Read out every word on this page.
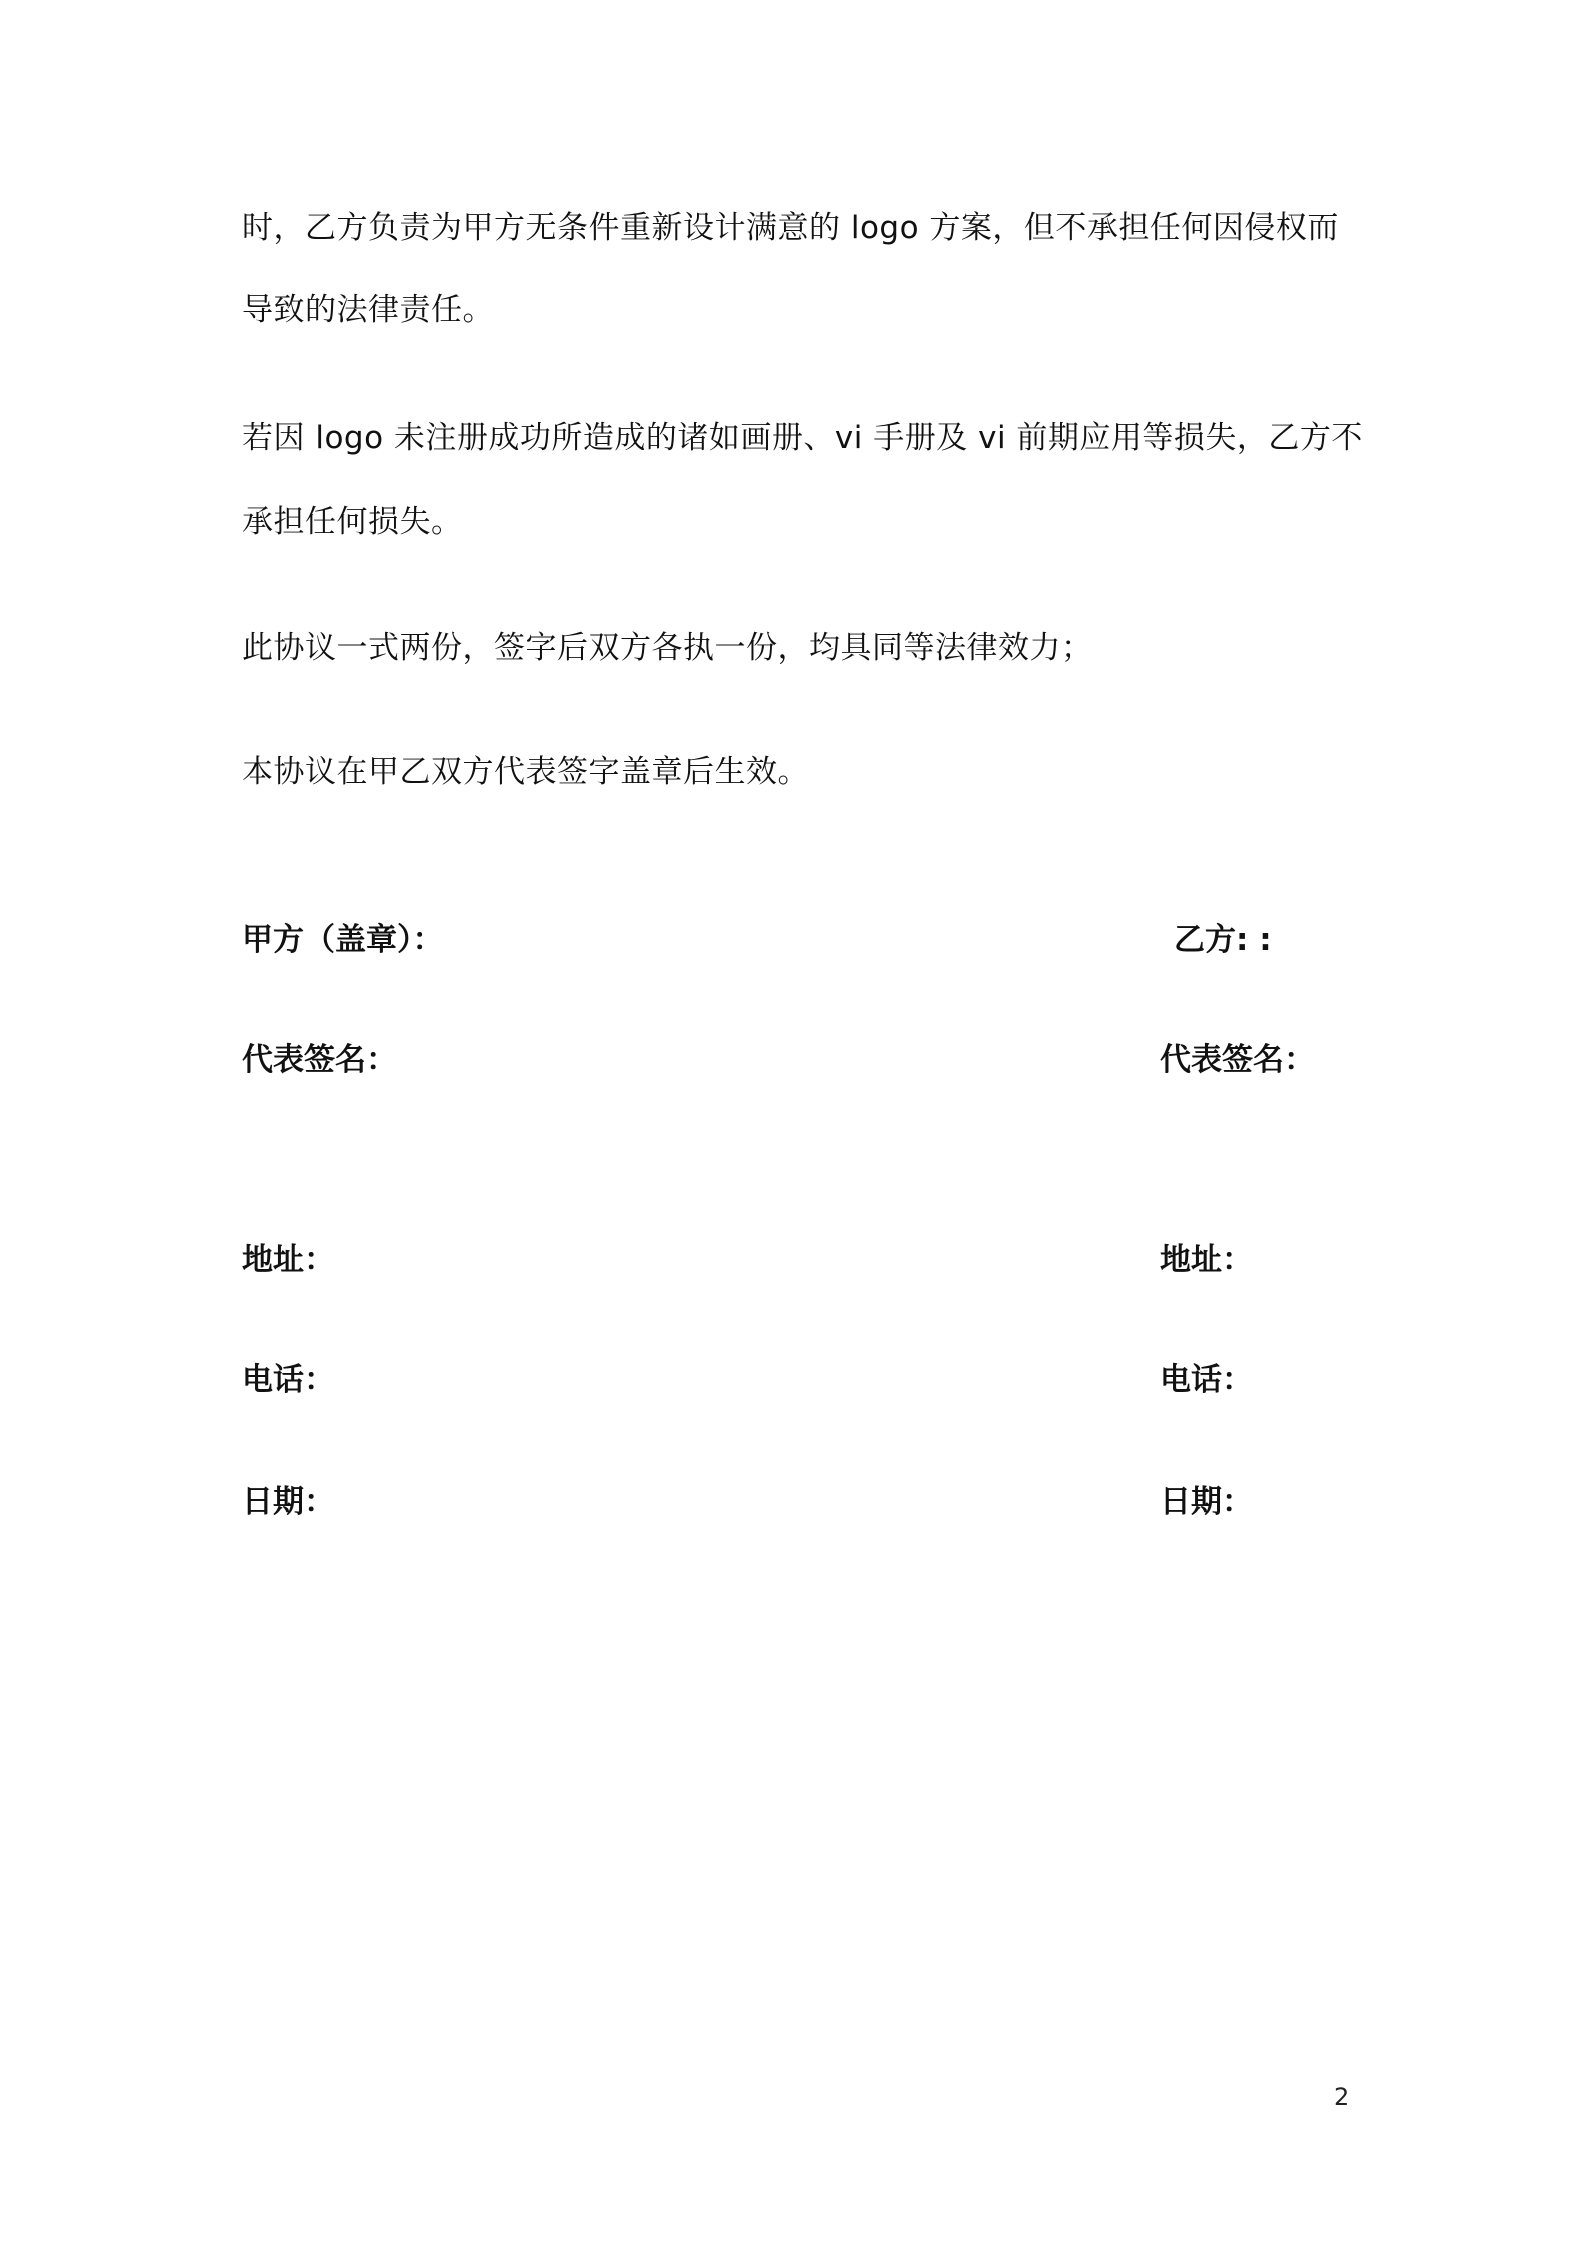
时，乙方负责为甲方无条件重新设计满意的 logo 方案，但不承担任何因侵权而
导致的法律责任。
若因 logo 未注册成功所造成的诸如画册、vi 手册及 vi 前期应用等损失，乙方不
承担任何损失。
此协议一式两份，签字后双方各执一份，均具同等法律效力；
本协议在甲乙双方代表签字盖章后生效。
甲方（盖章）：
代表签名：
地址：
电话：
日期：
乙方: :
代表签名：
地址：
电话：
日期：
2
